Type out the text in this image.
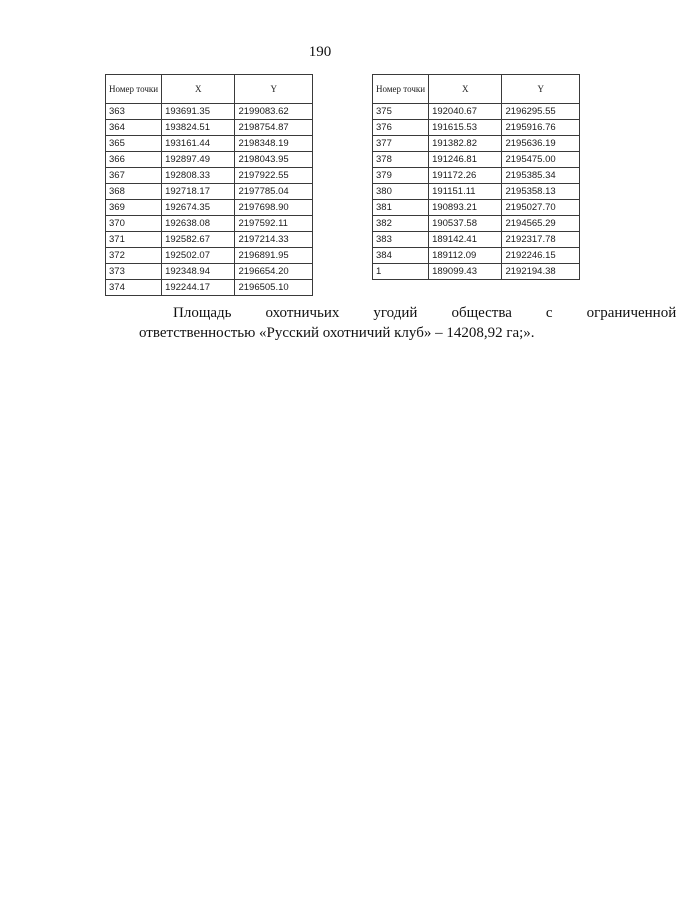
190
Номер точки	X	Y
363	193691.35	2199083.62
364	193824.51	2198754.87
365	193161.44	2198348.19
366	192897.49	2198043.95
367	192808.33	2197922.55
368	192718.17	2197785.04
369	192674.35	2197698.90
370	192638.08	2197592.11
371	192582.67	2197214.33
372	192502.07	2196891.95
373	192348.94	2196654.20
374	192244.17	2196505.10
Номер точки	X	Y
375	192040.67	2196295.55
376	191615.53	2195916.76
377	191382.82	2195636.19
378	191246.81	2195475.00
379	191172.26	2195385.34
380	191151.11	2195358.13
381	190893.21	2195027.70
382	190537.58	2194565.29
383	189142.41	2192317.78
384	189112.09	2192246.15
1	189099.43	2192194.38
Площадь	охотничьих	угодий	общества	с	ограниченной
ответственностью «Русский охотничий клуб» – 14208,92 га;».
